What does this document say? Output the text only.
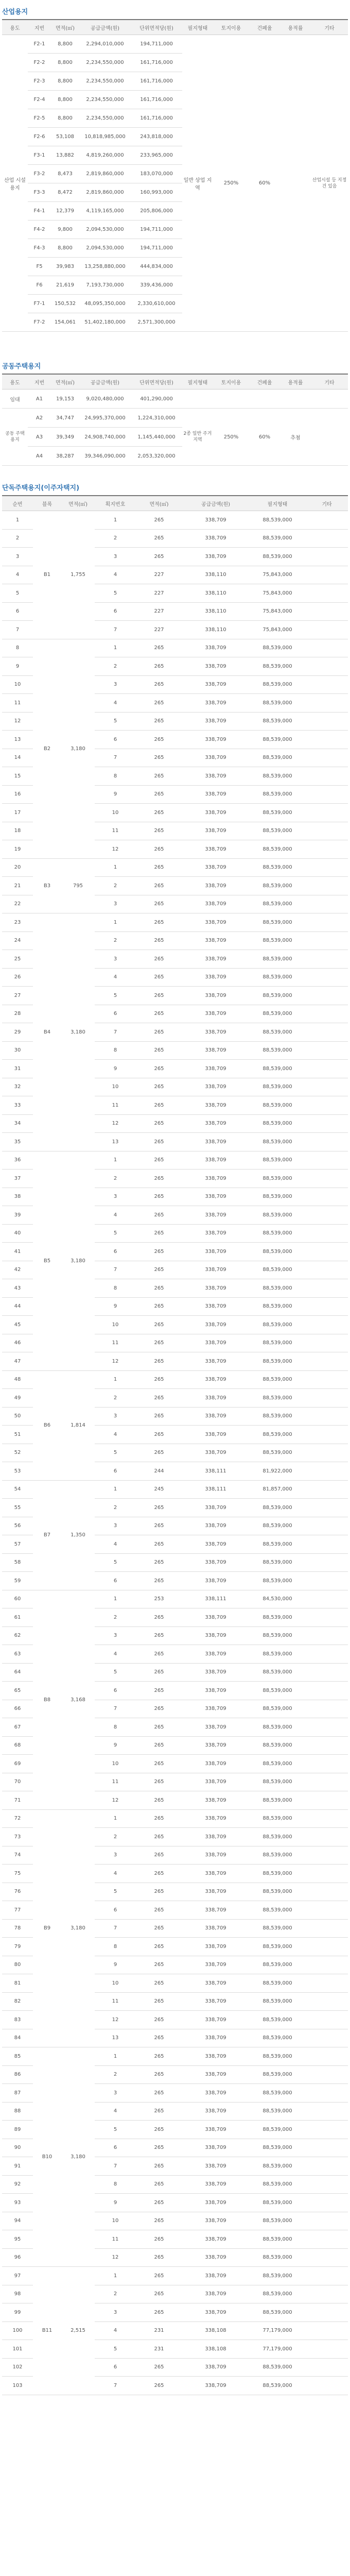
산업용지
용도	지번	면적(㎡)	공급금액(원)	단위면적당(원)	필지형태	토지이용	건폐율	용적률	기타
산업 시설 용지	F2-1	8,800	2,294,010,000	194,711,000	일반 상업 지역	250%	60%		산업시설 등 지정건 있음
	F2-2	8,800	2,234,550,000	161,716,000					
	F2-3	8,800	2,234,550,000	161,716,000					
	F2-4	8,800	2,234,550,000	161,716,000					
	F2-5	8,800	2,234,550,000	161,716,000					
	F2-6	53,108	10,818,985,000	243,818,000					
	F3-1	13,882	4,819,260,000	233,965,000					
	F3-2	8,473	2,819,860,000	183,070,000					
	F3-3	8,472	2,819,860,000	160,993,000					
	F4-1	12,379	4,119,165,000	205,806,000					
	F4-2	9,800	2,094,530,000	194,711,000					
	F4-3	8,800	2,094,530,000	194,711,000					
	F5	39,983	13,258,880,000	444,834,000					
	F6	21,619	7,193,730,000	339,436,000					
	F7-1	150,532	48,095,350,000	2,330,610,000					
	F7-2	154,061	51,402,180,000	2,571,300,000					
공동주택용지
용도	지번	면적(㎡)	공급금액(원)	단위면적당(원)	필지형태	토지이용	건폐율	용적률	기타
임대	A1	19,153	9,020,480,000	401,290,000					
공동 주택 용지	A2	34,747	24,995,370,000	1,224,310,000	2종 일반 주거 지역	250%	60%	추첨	
	A3	39,349	24,908,740,000	1,145,440,000					
	A4	38,287	39,346,090,000	2,053,320,000					
단독주택용지(이주자택지)
순번	블록	면적(㎡)	획지번호	면적(㎡)	공급금액(원)	필지형태	기타
1	B1	1,755	1	265	338,709	88,539,000	
2			2	265	338,709	88,539,000	
3			3	265	338,709	88,539,000	
4			4	227	338,110	75,843,000	
5			5	227	338,110	75,843,000	
6			6	227	338,110	75,843,000	
7			7	227	338,110	75,843,000	
8	B2	3,180	1	265	338,709	88,539,000	
9			2	265	338,709	88,539,000	
10			3	265	338,709	88,539,000	
11			4	265	338,709	88,539,000	
12			5	265	338,709	88,539,000	
13			6	265	338,709	88,539,000	
14			7	265	338,709	88,539,000	
15			8	265	338,709	88,539,000	
16			9	265	338,709	88,539,000	
17			10	265	338,709	88,539,000	
18			11	265	338,709	88,539,000	
19			12	265	338,709	88,539,000	
20	B3	795	1	265	338,709	88,539,000	
21			2	265	338,709	88,539,000	
22			3	265	338,709	88,539,000	
23	B4	3,180	1	265	338,709	88,539,000	
24			2	265	338,709	88,539,000	
25			3	265	338,709	88,539,000	
26			4	265	338,709	88,539,000	
27			5	265	338,709	88,539,000	
28			6	265	338,709	88,539,000	
29			7	265	338,709	88,539,000	
30			8	265	338,709	88,539,000	
31			9	265	338,709	88,539,000	
32			10	265	338,709	88,539,000	
33			11	265	338,709	88,539,000	
34			12	265	338,709	88,539,000	
35			13	265	338,709	88,539,000	
36	B5	3,180	1	265	338,709	88,539,000	
37			2	265	338,709	88,539,000	
38			3	265	338,709	88,539,000	
39			4	265	338,709	88,539,000	
40			5	265	338,709	88,539,000	
41			6	265	338,709	88,539,000	
42			7	265	338,709	88,539,000	
43			8	265	338,709	88,539,000	
44			9	265	338,709	88,539,000	
45			10	265	338,709	88,539,000	
46			11	265	338,709	88,539,000	
47			12	265	338,709	88,539,000	
48	B6	1,814	1	265	338,709	88,539,000	
49			2	265	338,709	88,539,000	
50			3	265	338,709	88,539,000	
51			4	265	338,709	88,539,000	
52			5	265	338,709	88,539,000	
53			6	244	338,111	81,922,000	
54	B7	1,350	1	245	338,111	81,857,000	
55			2	265	338,709	88,539,000	
56			3	265	338,709	88,539,000	
57			4	265	338,709	88,539,000	
58			5	265	338,709	88,539,000	
59			6	265	338,709	88,539,000	
60	B8	3,168	1	253	338,111	84,530,000	
61			2	265	338,709	88,539,000	
62			3	265	338,709	88,539,000	
63			4	265	338,709	88,539,000	
64			5	265	338,709	88,539,000	
65			6	265	338,709	88,539,000	
66			7	265	338,709	88,539,000	
67			8	265	338,709	88,539,000	
68			9	265	338,709	88,539,000	
69			10	265	338,709	88,539,000	
70			11	265	338,709	88,539,000	
71			12	265	338,709	88,539,000	
72	B9	3,180	1	265	338,709	88,539,000	
73			2	265	338,709	88,539,000	
74			3	265	338,709	88,539,000	
75			4	265	338,709	88,539,000	
76			5	265	338,709	88,539,000	
77			6	265	338,709	88,539,000	
78			7	265	338,709	88,539,000	
79			8	265	338,709	88,539,000	
80			9	265	338,709	88,539,000	
81			10	265	338,709	88,539,000	
82			11	265	338,709	88,539,000	
83			12	265	338,709	88,539,000	
84			13	265	338,709	88,539,000	
85	B10	3,180	1	265	338,709	88,539,000	
86			2	265	338,709	88,539,000	
87			3	265	338,709	88,539,000	
88			4	265	338,709	88,539,000	
89			5	265	338,709	88,539,000	
90			6	265	338,709	88,539,000	
91			7	265	338,709	88,539,000	
92			8	265	338,709	88,539,000	
93			9	265	338,709	88,539,000	
94			10	265	338,709	88,539,000	
95			11	265	338,709	88,539,000	
96			12	265	338,709	88,539,000	
97	B11	2,515	1	265	338,709	88,539,000	
98			2	265	338,709	88,539,000	
99			3	265	338,709	88,539,000	
100			4	231	338,108	77,179,000	
101			5	231	338,108	77,179,000	
102			6	265	338,709	88,539,000	
103			7	265	338,709	88,539,000	
